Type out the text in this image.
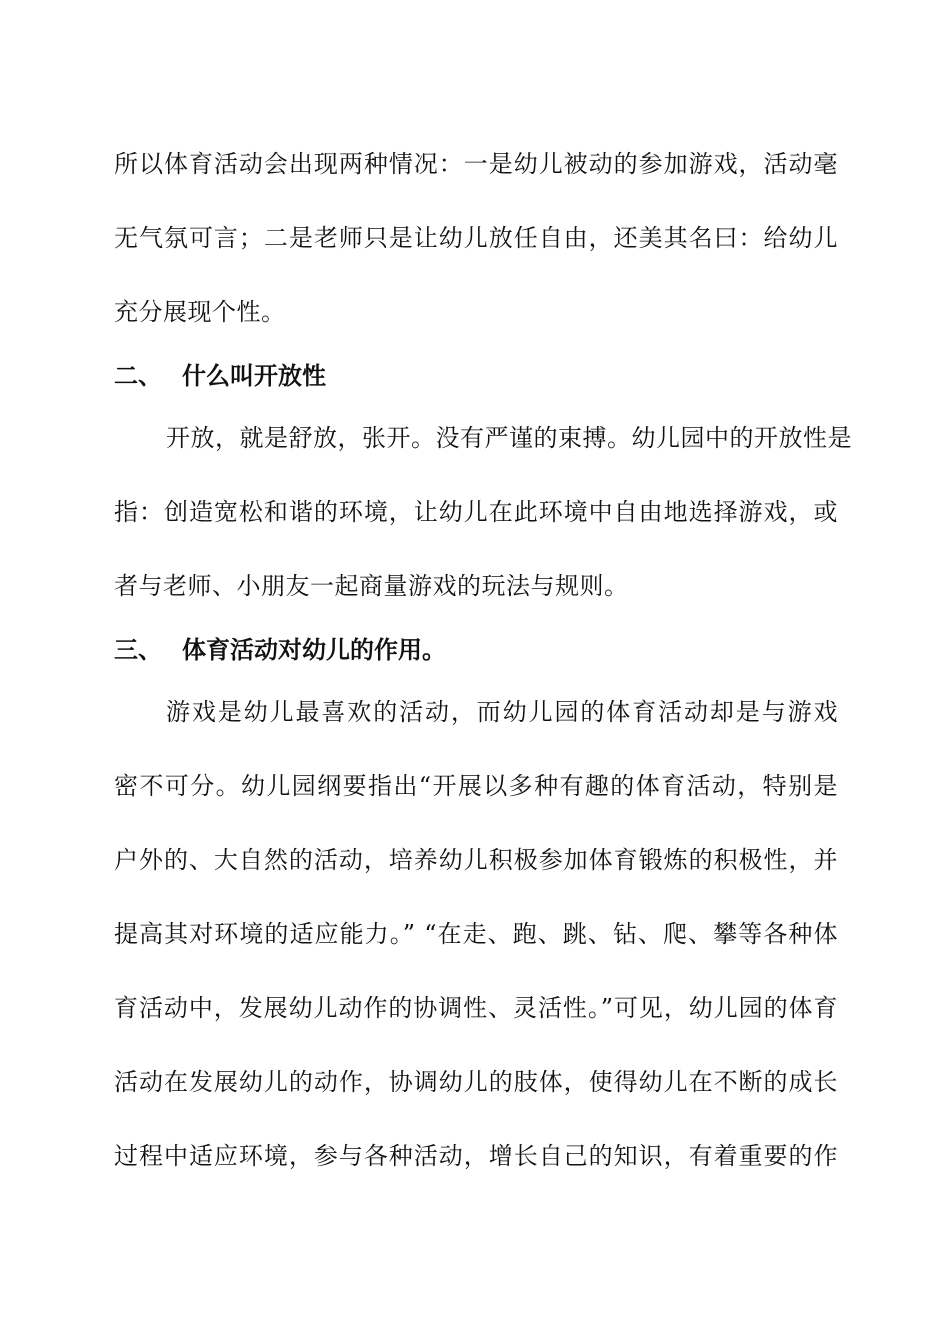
所以体育活动会出现两种情况：一是幼儿被动的参加游戏，活动毫
无气氛可言；二是老师只是让幼儿放任自由，还美其名曰：给幼儿
充分展现个性。
二、 什么叫开放性
开放，就是舒放，张开。没有严谨的束搏。幼儿园中的开放性是
指：创造宽松和谐的环境，让幼儿在此环境中自由地选择游戏，或
者与老师、小朋友一起商量游戏的玩法与规则。
三、 体育活动对幼儿的作用。
游戏是幼儿最喜欢的活动，而幼儿园的体育活动却是与游戏
密不可分。幼儿园纲要指出“开展以多种有趣的体育活动，特别是
户外的、大自然的活动，培养幼儿积极参加体育锻炼的积极性，并
提高其对环境的适应能力。” “在走、跑、跳、钻、爬、攀等各种体
育活动中，发展幼儿动作的协调性、灵活性。”可见，幼儿园的体育
活动在发展幼儿的动作，协调幼儿的肢体，使得幼儿在不断的成长
过程中适应环境，参与各种活动，增长自己的知识，有着重要的作
